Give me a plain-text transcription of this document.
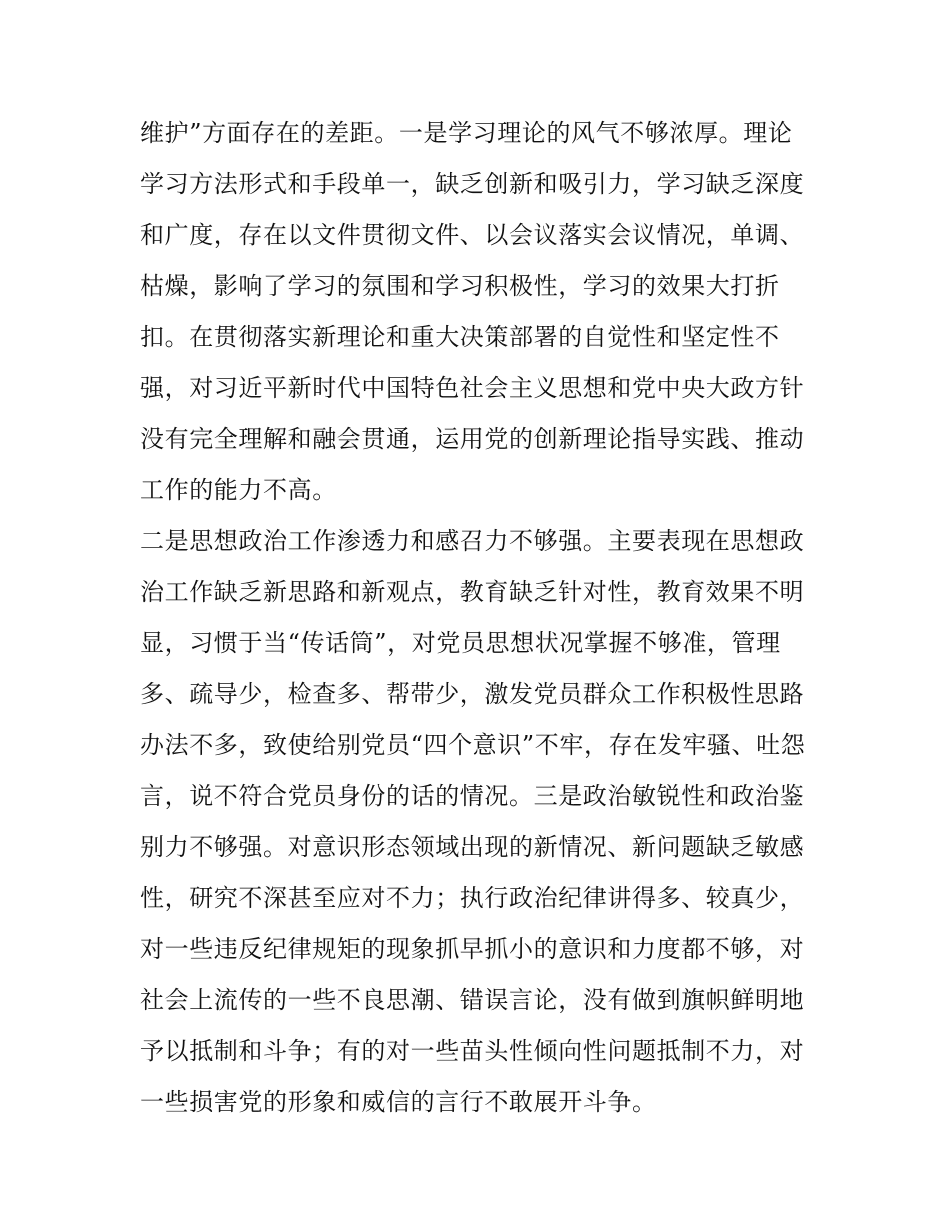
维护”方面存在的差距。一是学习理论的风气不够浓厚。理论
学习方法形式和手段单一，缺乏创新和吸引力，学习缺乏深度
和广度，存在以文件贯彻文件、以会议落实会议情况，单调、
枯燥，影响了学习的氛围和学习积极性，学习的效果大打折
扣。在贯彻落实新理论和重大决策部署的自觉性和坚定性不
强，对习近平新时代中国特色社会主义思想和党中央大政方针
没有完全理解和融会贯通，运用党的创新理论指导实践、推动
工作的能力不高。
二是思想政治工作渗透力和感召力不够强。主要表现在思想政
治工作缺乏新思路和新观点，教育缺乏针对性，教育效果不明
显，习惯于当“传话筒”，对党员思想状况掌握不够准，管理
多、疏导少，检查多、帮带少，激发党员群众工作积极性思路
办法不多，致使给别党员“四个意识”不牢，存在发牢骚、吐怨
言，说不符合党员身份的话的情况。三是政治敏锐性和政治鉴
别力不够强。对意识形态领域出现的新情况、新问题缺乏敏感
性，研究不深甚至应对不力；执行政治纪律讲得多、较真少，
对一些违反纪律规矩的现象抓早抓小的意识和力度都不够，对
社会上流传的一些不良思潮、错误言论，没有做到旗帜鲜明地
予以抵制和斗争；有的对一些苗头性倾向性问题抵制不力，对
一些损害党的形象和威信的言行不敢展开斗争。
